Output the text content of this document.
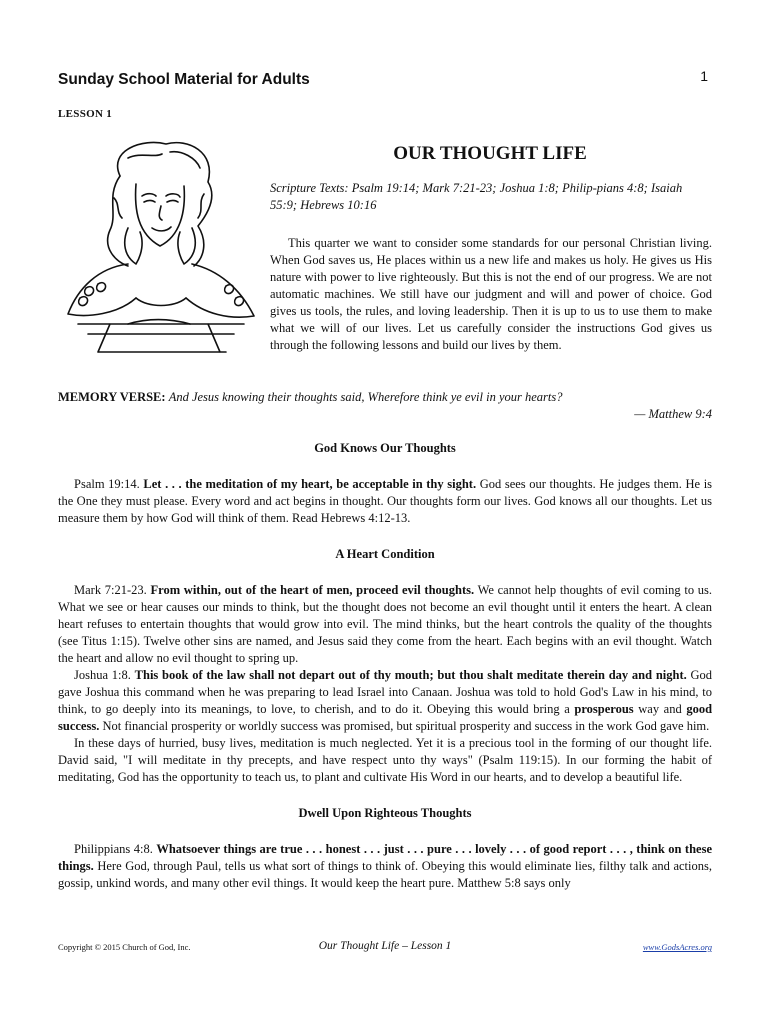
Sunday School Material for Adults	1
LESSON 1
OUR THOUGHT LIFE
Scripture Texts: Psalm 19:14; Mark 7:21-23; Joshua 1:8; Philip-pians 4:8; Isaiah 55:9; Hebrews 10:16

This quarter we want to consider some standards for our personal Christian living. When God saves us, He places within us a new life and makes us holy. He gives us His nature with power to live righteously. But this is not the end of our progress. We are not automatic machines. We still have our judgment and will and power of choice. God gives us tools, the rules, and loving leadership. Then it is up to us to use them to make what we will of our lives. Let us carefully consider the instructions God gives us through the following lessons and build our lives by them.

MEMORY VERSE: And Jesus knowing their thoughts said, Wherefore think ye evil in your hearts?
— Matthew 9:4
God Knows Our Thoughts

Psalm 19:14. Let . . . the meditation of my heart, be acceptable in thy sight. God sees our thoughts. He judges them. He is the One they must please. Every word and act begins in thought. Our thoughts form our lives. God knows all our thoughts. Let us measure them by how God will think of them. Read Hebrews 4:12-13.

A Heart Condition

Mark 7:21-23. From within, out of the heart of men, proceed evil thoughts. We cannot help thoughts of evil coming to us. What we see or hear causes our minds to think, but the thought does not become an evil thought until it enters the heart. A clean heart refuses to entertain thoughts that would grow into evil. The mind thinks, but the heart controls the quality of the thoughts (see Titus 1:15). Twelve other sins are named, and Jesus said they come from the heart. Each begins with an evil thought. Watch the heart and allow no evil thought to spring up.

Joshua 1:8. This book of the law shall not depart out of thy mouth; but thou shalt meditate therein day and night. God gave Joshua this command when he was preparing to lead Israel into Canaan. Joshua was told to hold God's Law in his mind, to think, to go deeply into its meanings, to love, to cherish, and to do it. Obeying this would bring a prosperous way and good success. Not financial prosperity or worldly success was promised, but spiritual prosperity and success in the work God gave him.

In these days of hurried, busy lives, meditation is much neglected. Yet it is a precious tool in the forming of our thought life. David said, "I will meditate in thy precepts, and have respect unto thy ways" (Psalm 119:15). In our forming the habit of meditating, God has the opportunity to teach us, to plant and cultivate His Word in our hearts, and to develop a beautiful life.

Dwell Upon Righteous Thoughts

Philippians 4:8. Whatsoever things are true . . . honest . . . just . . . pure . . . lovely . . . of good report . . . , think on these things. Here God, through Paul, tells us what sort of things to think of. Obeying this would eliminate lies, filthy talk and actions, gossip, unkind words, and many other evil things. It would keep the heart pure. Matthew 5:8 says only

Copyright © 2015 Church of God, Inc.	Our Thought Life – Lesson 1	www.GodsAcres.org
